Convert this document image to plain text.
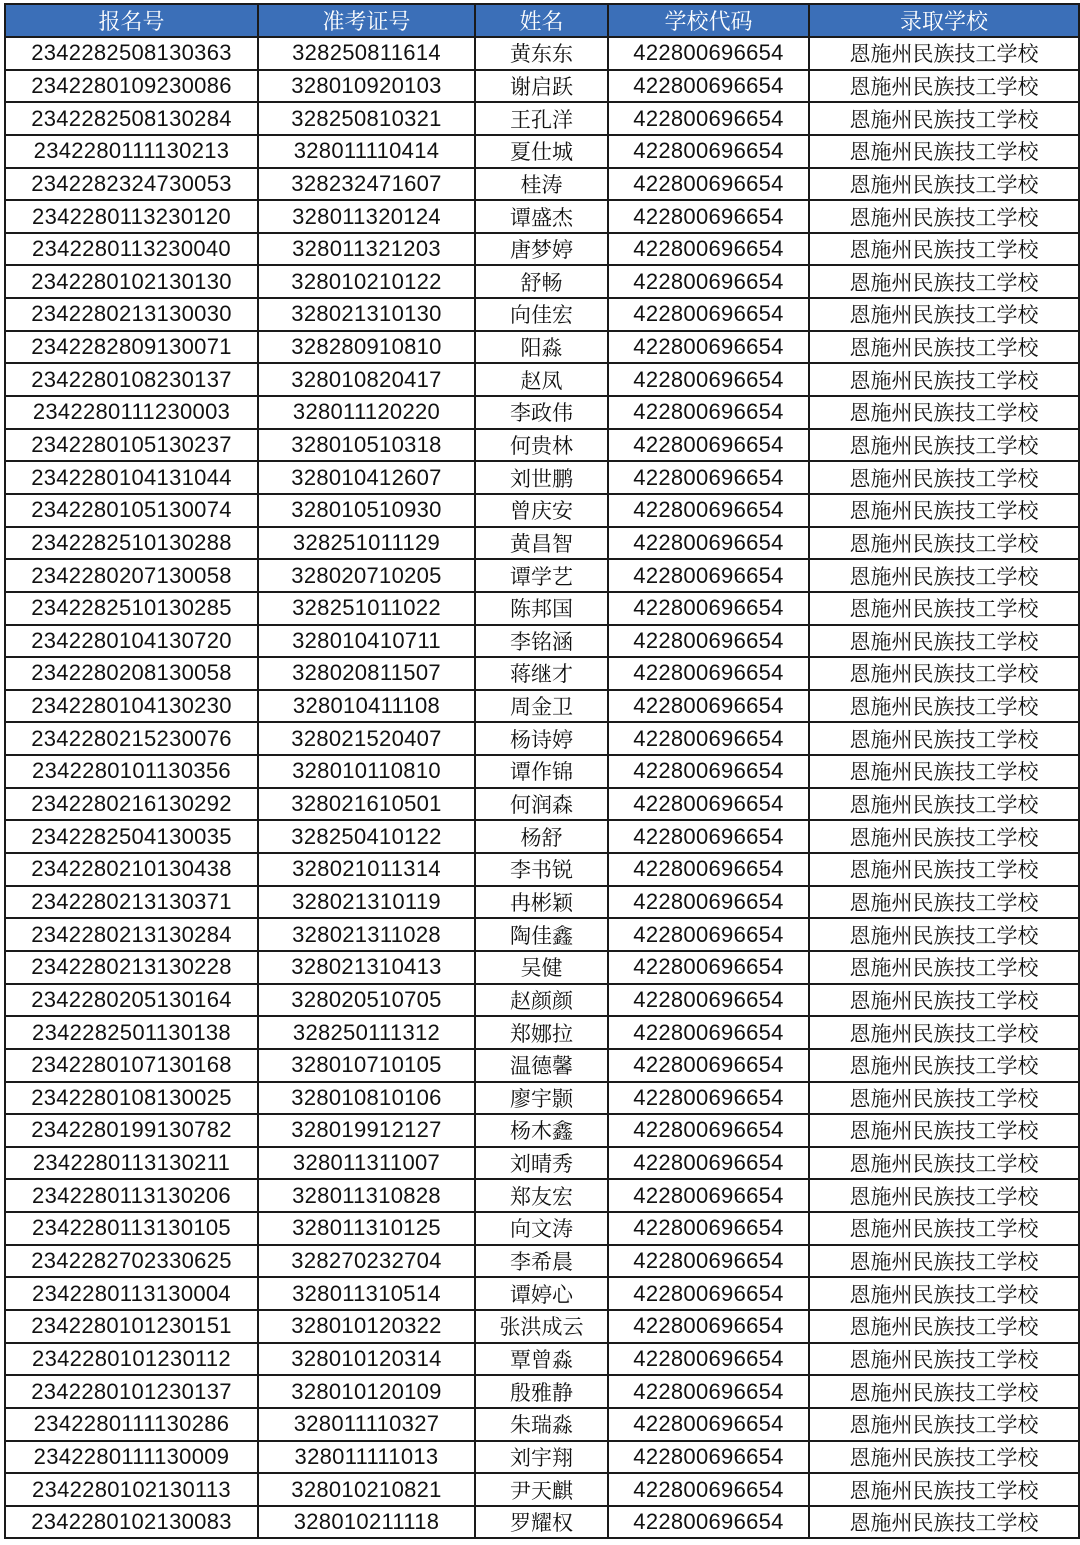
报名号	准考证号	姓名	学校代码	录取学校
2342282508130363	328250811614	黄东东	422800696654	恩施州民族技工学校
2342280109230086	328010920103	谢启跃	422800696654	恩施州民族技工学校
2342282508130284	328250810321	王孔洋	422800696654	恩施州民族技工学校
2342280111130213	328011110414	夏仕城	422800696654	恩施州民族技工学校
2342282324730053	328232471607	桂涛	422800696654	恩施州民族技工学校
2342280113230120	328011320124	谭盛杰	422800696654	恩施州民族技工学校
2342280113230040	328011321203	唐梦婷	422800696654	恩施州民族技工学校
2342280102130130	328010210122	舒畅	422800696654	恩施州民族技工学校
2342280213130030	328021310130	向佳宏	422800696654	恩施州民族技工学校
2342282809130071	328280910810	阳淼	422800696654	恩施州民族技工学校
2342280108230137	328010820417	赵凤	422800696654	恩施州民族技工学校
2342280111230003	328011120220	李政伟	422800696654	恩施州民族技工学校
2342280105130237	328010510318	何贵林	422800696654	恩施州民族技工学校
2342280104131044	328010412607	刘世鹏	422800696654	恩施州民族技工学校
2342280105130074	328010510930	曾庆安	422800696654	恩施州民族技工学校
2342282510130288	328251011129	黄昌智	422800696654	恩施州民族技工学校
2342280207130058	328020710205	谭学艺	422800696654	恩施州民族技工学校
2342282510130285	328251011022	陈邦国	422800696654	恩施州民族技工学校
2342280104130720	328010410711	李铭涵	422800696654	恩施州民族技工学校
2342280208130058	328020811507	蒋继才	422800696654	恩施州民族技工学校
2342280104130230	328010411108	周金卫	422800696654	恩施州民族技工学校
2342280215230076	328021520407	杨诗婷	422800696654	恩施州民族技工学校
2342280101130356	328010110810	谭作锦	422800696654	恩施州民族技工学校
2342280216130292	328021610501	何润森	422800696654	恩施州民族技工学校
2342282504130035	328250410122	杨舒	422800696654	恩施州民族技工学校
2342280210130438	328021011314	李书锐	422800696654	恩施州民族技工学校
2342280213130371	328021310119	冉彬颖	422800696654	恩施州民族技工学校
2342280213130284	328021311028	陶佳鑫	422800696654	恩施州民族技工学校
2342280213130228	328021310413	吴健	422800696654	恩施州民族技工学校
2342280205130164	328020510705	赵颜颜	422800696654	恩施州民族技工学校
2342282501130138	328250111312	郑娜拉	422800696654	恩施州民族技工学校
2342280107130168	328010710105	温德馨	422800696654	恩施州民族技工学校
2342280108130025	328010810106	廖宇颢	422800696654	恩施州民族技工学校
2342280199130782	328019912127	杨木鑫	422800696654	恩施州民族技工学校
2342280113130211	328011311007	刘晴秀	422800696654	恩施州民族技工学校
2342280113130206	328011310828	郑友宏	422800696654	恩施州民族技工学校
2342280113130105	328011310125	向文涛	422800696654	恩施州民族技工学校
2342282702330625	328270232704	李希晨	422800696654	恩施州民族技工学校
2342280113130004	328011310514	谭婷心	422800696654	恩施州民族技工学校
2342280101230151	328010120322	张洪成云	422800696654	恩施州民族技工学校
2342280101230112	328010120314	覃曾淼	422800696654	恩施州民族技工学校
2342280101230137	328010120109	殷雅静	422800696654	恩施州民族技工学校
2342280111130286	328011110327	朱瑞淼	422800696654	恩施州民族技工学校
2342280111130009	328011111013	刘宇翔	422800696654	恩施州民族技工学校
2342280102130113	328010210821	尹天麒	422800696654	恩施州民族技工学校
2342280102130083	328010211118	罗耀权	422800696654	恩施州民族技工学校
